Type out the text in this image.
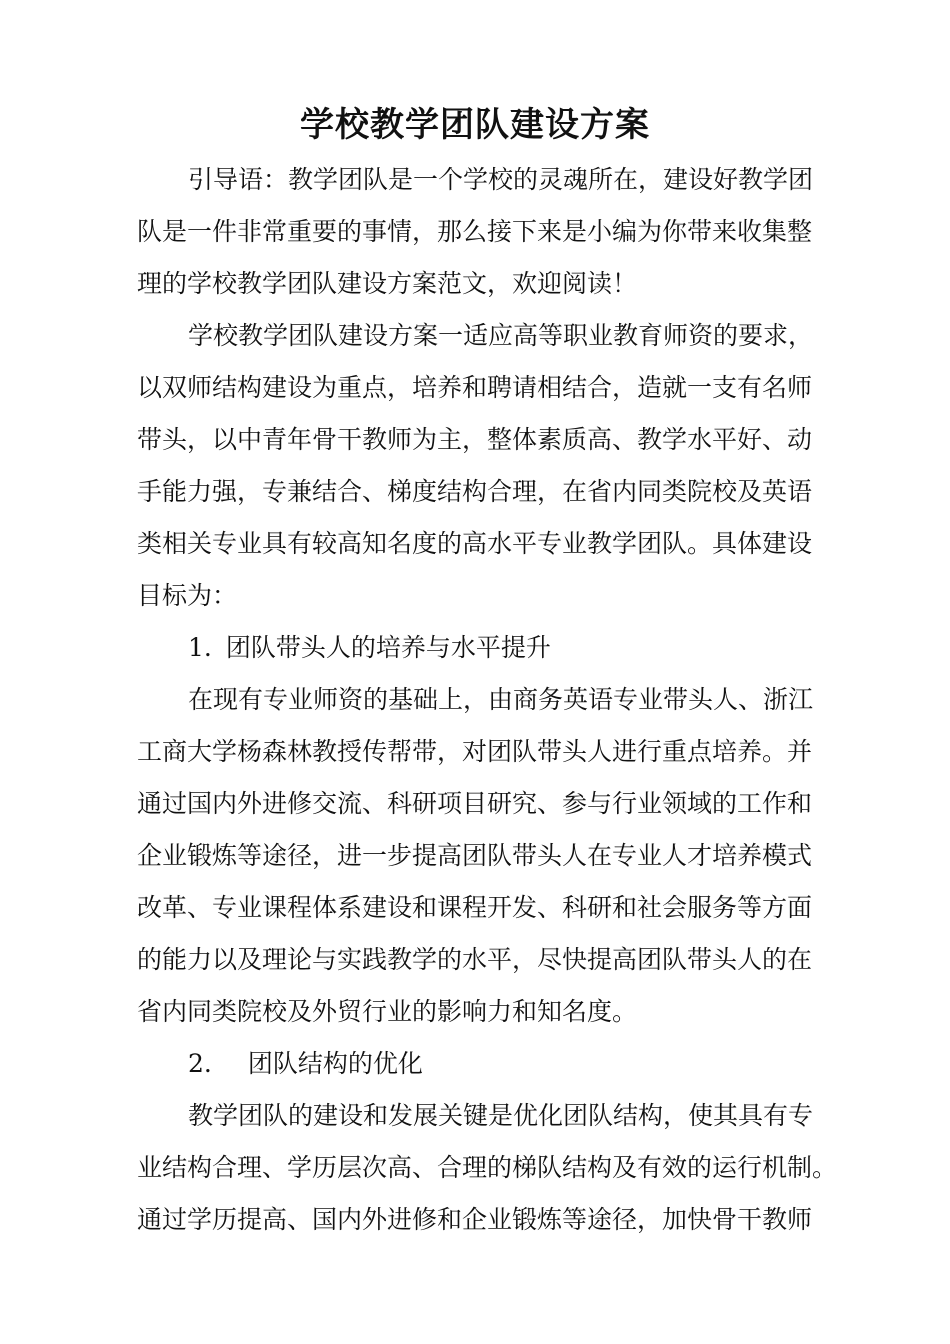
学校教学团队建设方案
引导语：教学团队是一个学校的灵魂所在，建设好教学团
队是一件非常重要的事情，那么接下来是小编为你带来收集整
理的学校教学团队建设方案范文，欢迎阅读！
学校教学团队建设方案一适应高等职业教育师资的要求，
以双师结构建设为重点，培养和聘请相结合，造就一支有名师
带头，以中青年骨干教师为主，整体素质高、教学水平好、动
手能力强，专兼结合、梯度结构合理，在省内同类院校及英语
类相关专业具有较高知名度的高水平专业教学团队。具体建设
目标为：
1. 团队带头人的培养与水平提升
在现有专业师资的基础上，由商务英语专业带头人、浙江
工商大学杨森林教授传帮带，对团队带头人进行重点培养。并
通过国内外进修交流、科研项目研究、参与行业领域的工作和
企业锻炼等途径，进一步提高团队带头人在专业人才培养模式
改革、专业课程体系建设和课程开发、科研和社会服务等方面
的能力以及理论与实践教学的水平，尽快提高团队带头人的在
省内同类院校及外贸行业的影响力和知名度。
2. 团队结构的优化
教学团队的建设和发展关键是优化团队结构，使其具有专
业结构合理、学历层次高、合理的梯队结构及有效的运行机制。
通过学历提高、国内外进修和企业锻炼等途径，加快骨干教师
